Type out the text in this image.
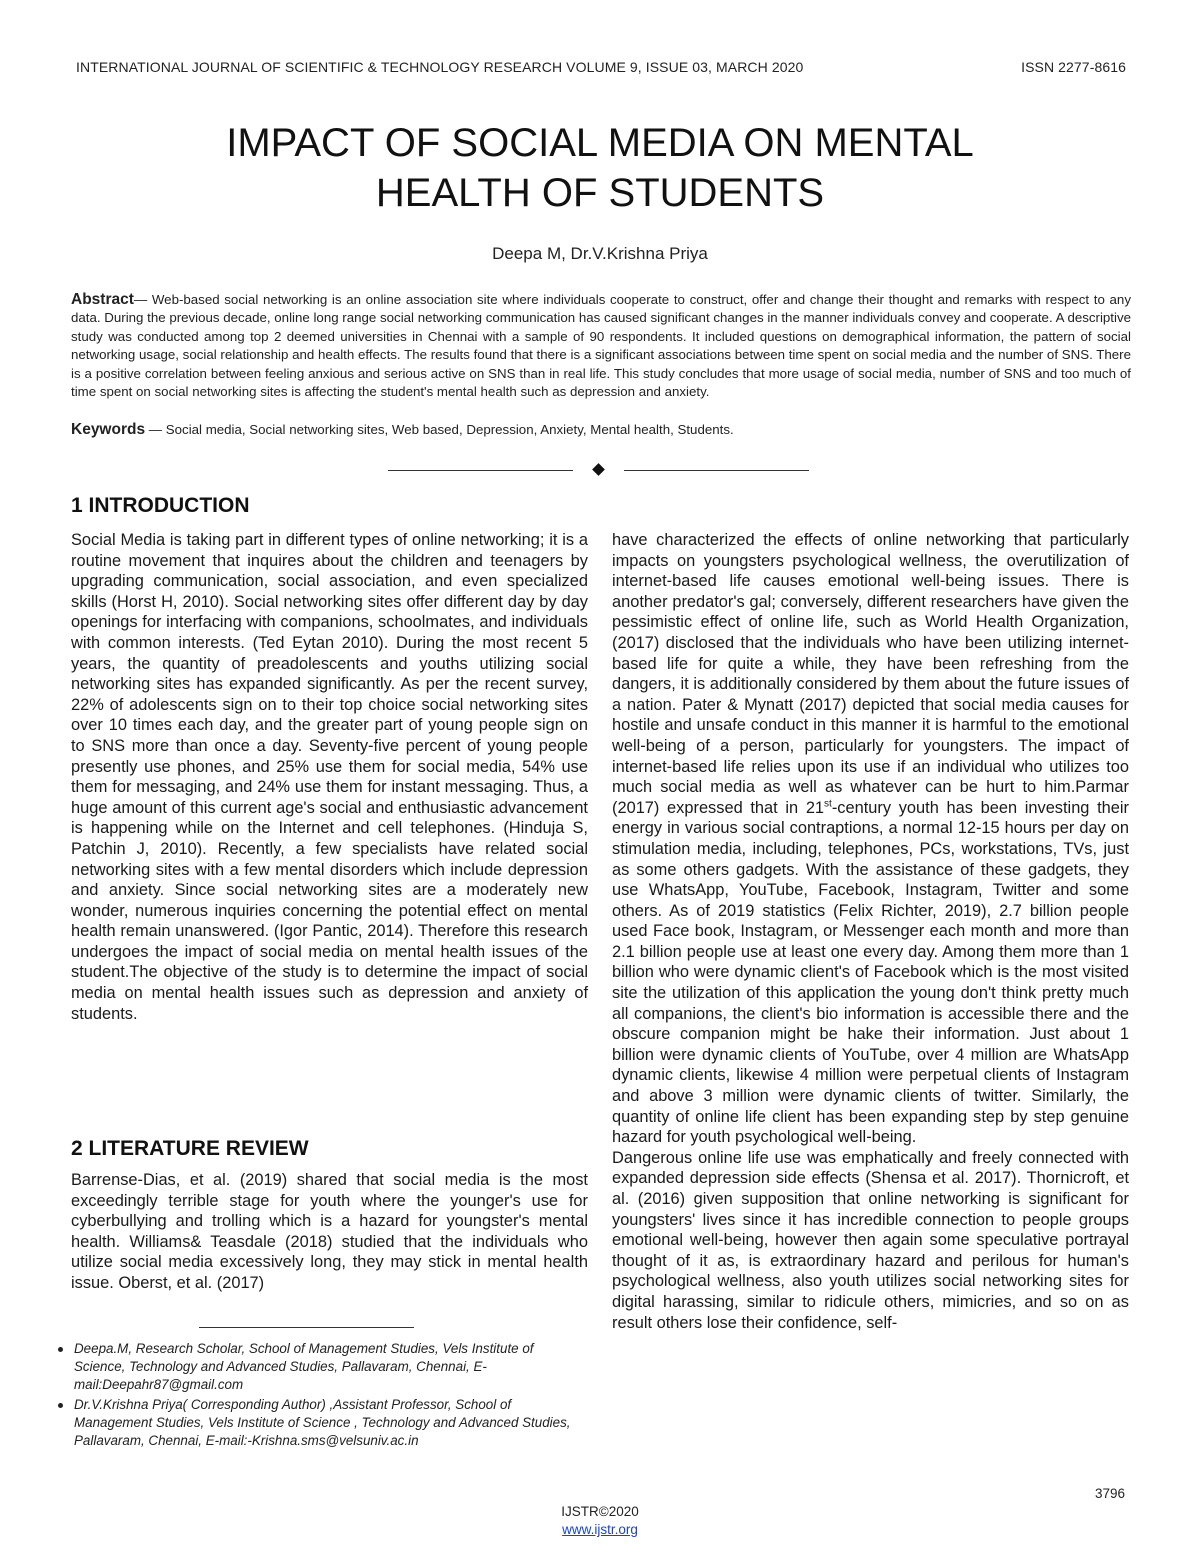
INTERNATIONAL JOURNAL OF SCIENTIFIC & TECHNOLOGY RESEARCH VOLUME 9, ISSUE 03, MARCH 2020	ISSN 2277-8616
IMPACT OF SOCIAL MEDIA ON MENTAL
HEALTH OF STUDENTS
Deepa M, Dr.V.Krishna Priya
Abstract— Web-based social networking is an online association site where individuals cooperate to construct, offer and change their thought and remarks with respect to any data. During the previous decade, online long range social networking communication has caused significant changes in the manner individuals convey and cooperate. A descriptive study was conducted among top 2 deemed universities in Chennai with a sample of 90 respondents. It included questions on demographical information, the pattern of social networking usage, social relationship and health effects. The results found that there is a significant associations between time spent on social media and the number of SNS. There is a positive correlation between feeling anxious and serious active on SNS than in real life. This study concludes that more usage of social media, number of SNS and too much of time spent on social networking sites is affecting the student's mental health such as depression and anxiety.
Keywords — Social media, Social networking sites, Web based, Depression, Anxiety, Mental health, Students.
1 INTRODUCTION

Social Media is taking part in different types of online networking; it is a routine movement that inquires about the children and teenagers by upgrading communication, social association, and even specialized skills (Horst H, 2010). Social networking sites offer different day by day openings for interfacing with companions, schoolmates, and individuals with common interests. (Ted Eytan 2010). During the most recent 5 years, the quantity of preadolescents and youths utilizing social networking sites has expanded significantly. As per the recent survey, 22% of adolescents sign on to their top choice social networking sites over 10 times each day, and the greater part of young people sign on to SNS more than once a day. Seventy-five percent of young people presently use phones, and 25% use them for social media, 54% use them for messaging, and 24% use them for instant messaging. Thus, a huge amount of this current age's social and enthusiastic advancement is happening while on the Internet and cell telephones. (Hinduja S, Patchin J, 2010). Recently, a few specialists have related social networking sites with a few mental disorders which include depression and anxiety. Since social networking sites are a moderately new wonder, numerous inquiries concerning the potential effect on mental health remain unanswered. (Igor Pantic, 2014). Therefore this research undergoes the impact of social media on mental health issues of the student.The objective of the study is to determine the impact of social media on mental health issues such as depression and anxiety of students.

2 LITERATURE REVIEW

Barrense-Dias, et al. (2019) shared that social media is the most exceedingly terrible stage for youth where the younger's use for cyberbullying and trolling which is a hazard for youngster's mental health. Williams& Teasdale (2018) studied that the individuals who utilize social media excessively long, they may stick in mental health issue. Oberst, et al. (2017)

have characterized the effects of online networking that particularly impacts on youngsters psychological wellness, the overutilization of internet-based life causes emotional well-being issues. There is another predator's gal; conversely, different researchers have given the pessimistic effect of online life, such as World Health Organization, (2017) disclosed that the individuals who have been utilizing internet-based life for quite a while, they have been refreshing from the dangers, it is additionally considered by them about the future issues of a nation. Pater & Mynatt (2017) depicted that social media causes for hostile and unsafe conduct in this manner it is harmful to the emotional well-being of a person, particularly for youngsters. The impact of internet-based life relies upon its use if an individual who utilizes too much social media as well as whatever can be hurt to him.Parmar (2017) expressed that in 21st-century youth has been investing their energy in various social contraptions, a normal 12-15 hours per day on stimulation media, including, telephones, PCs, workstations, TVs, just as some others gadgets. With the assistance of these gadgets, they use WhatsApp, YouTube, Facebook, Instagram, Twitter and some others. As of 2019 statistics (Felix Richter, 2019), 2.7 billion people used Face book, Instagram, or Messenger each month and more than 2.1 billion people use at least one every day. Among them more than 1 billion who were dynamic client's of Facebook which is the most visited site the utilization of this application the young don't think pretty much all companions, the client's bio information is accessible there and the obscure companion might be hake their information. Just about 1 billion were dynamic clients of YouTube, over 4 million are WhatsApp dynamic clients, likewise 4 million were perpetual clients of Instagram and above 3 million were dynamic clients of twitter. Similarly, the quantity of online life client has been expanding step by step genuine hazard for youth psychological well-being.

Dangerous online life use was emphatically and freely connected with expanded depression side effects (Shensa et al. 2017). Thornicroft, et al. (2016) given supposition that online networking is significant for youngsters' lives since it has incredible connection to people groups emotional well-being, however then again some speculative portrayal thought of it as, is extraordinary hazard and perilous for human's psychological wellness, also youth utilizes social networking sites for digital harassing, similar to ridicule others, mimicries, and so on as result others lose their confidence, self-

Deepa.M, Research Scholar, School of Management Studies, Vels Institute of Science, Technology and Advanced Studies, Pallavaram, Chennai, E-mail:Deepahr87@gmail.com
Dr.V.Krishna Priya( Corresponding Author) ,Assistant Professor, School of Management Studies, Vels Institute of Science , Technology and Advanced Studies, Pallavaram, Chennai, E-mail:-Krishna.sms@velsuniv.ac.in
3796
IJSTR©2020
www.ijstr.org
